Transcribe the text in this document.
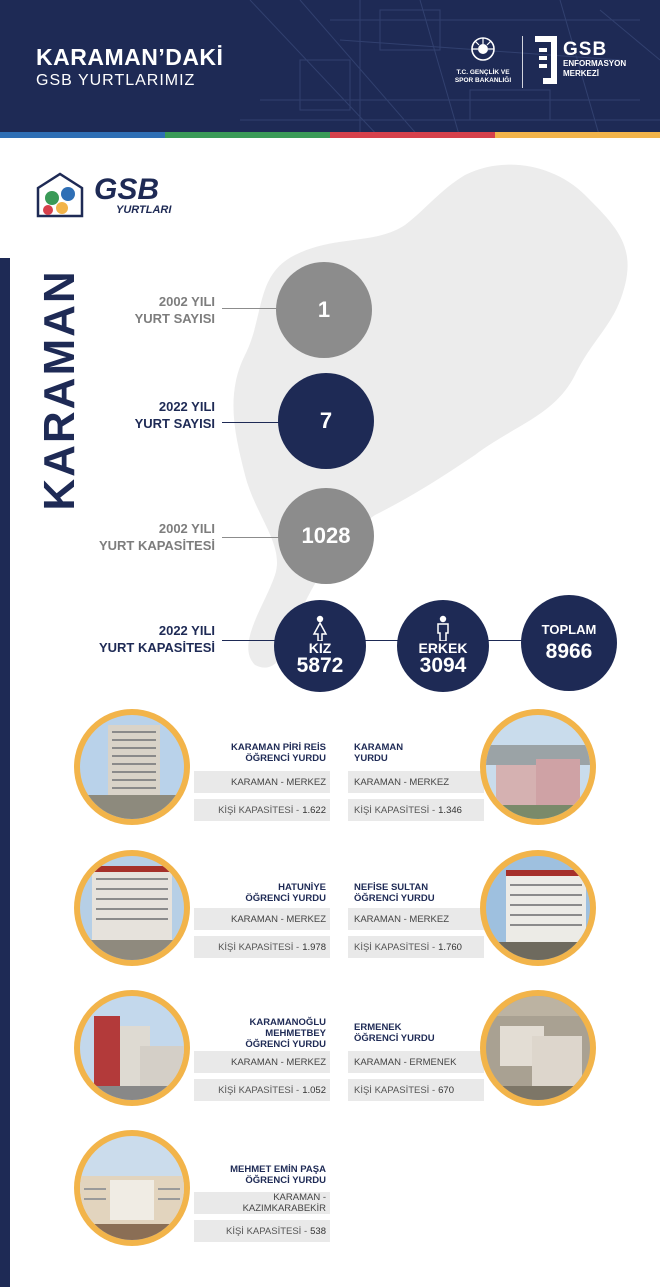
KARAMAN’DAKİ
GSB YURTLARIMIZ	T.C. GENÇLİK VE SPOR BAKANLIĞI
GSB
ENFORMASYON
MERKEZİ
GSB
YURTLARI
KARAMAN	2002 YILI
YURT SAYISI	1
2022 YILI
YURT SAYISI	7
2002 YILI
YURT KAPASİTESİ	1028
2022 YILI
YURT KAPASİTESİ	KIZ
5872
ERKEK
3094
TOPLAM
8966
KARAMAN PİRİ REİS
ÖĞRENCİ YURDU
KARAMAN - MERKEZ
KİŞİ KAPASİTESİ - 1.622
KARAMAN
YURDU
KARAMAN - MERKEZ
KİŞİ KAPASİTESİ - 1.346
HATUNİYE
ÖĞRENCİ YURDU
KARAMAN - MERKEZ
KİŞİ KAPASİTESİ - 1.978
NEFİSE SULTAN
ÖĞRENCİ YURDU
KARAMAN - MERKEZ
KİŞİ KAPASİTESİ - 1.760
KARAMANOĞLU MEHMETBEY
ÖĞRENCİ YURDU
KARAMAN - MERKEZ
KİŞİ KAPASİTESİ - 1.052
ERMENEK
ÖĞRENCİ YURDU
KARAMAN - ERMENEK
KİŞİ KAPASİTESİ - 670
MEHMET EMİN PAŞA
ÖĞRENCİ YURDU
KARAMAN - KAZIMKARABEKİR
KİŞİ KAPASİTESİ - 538
